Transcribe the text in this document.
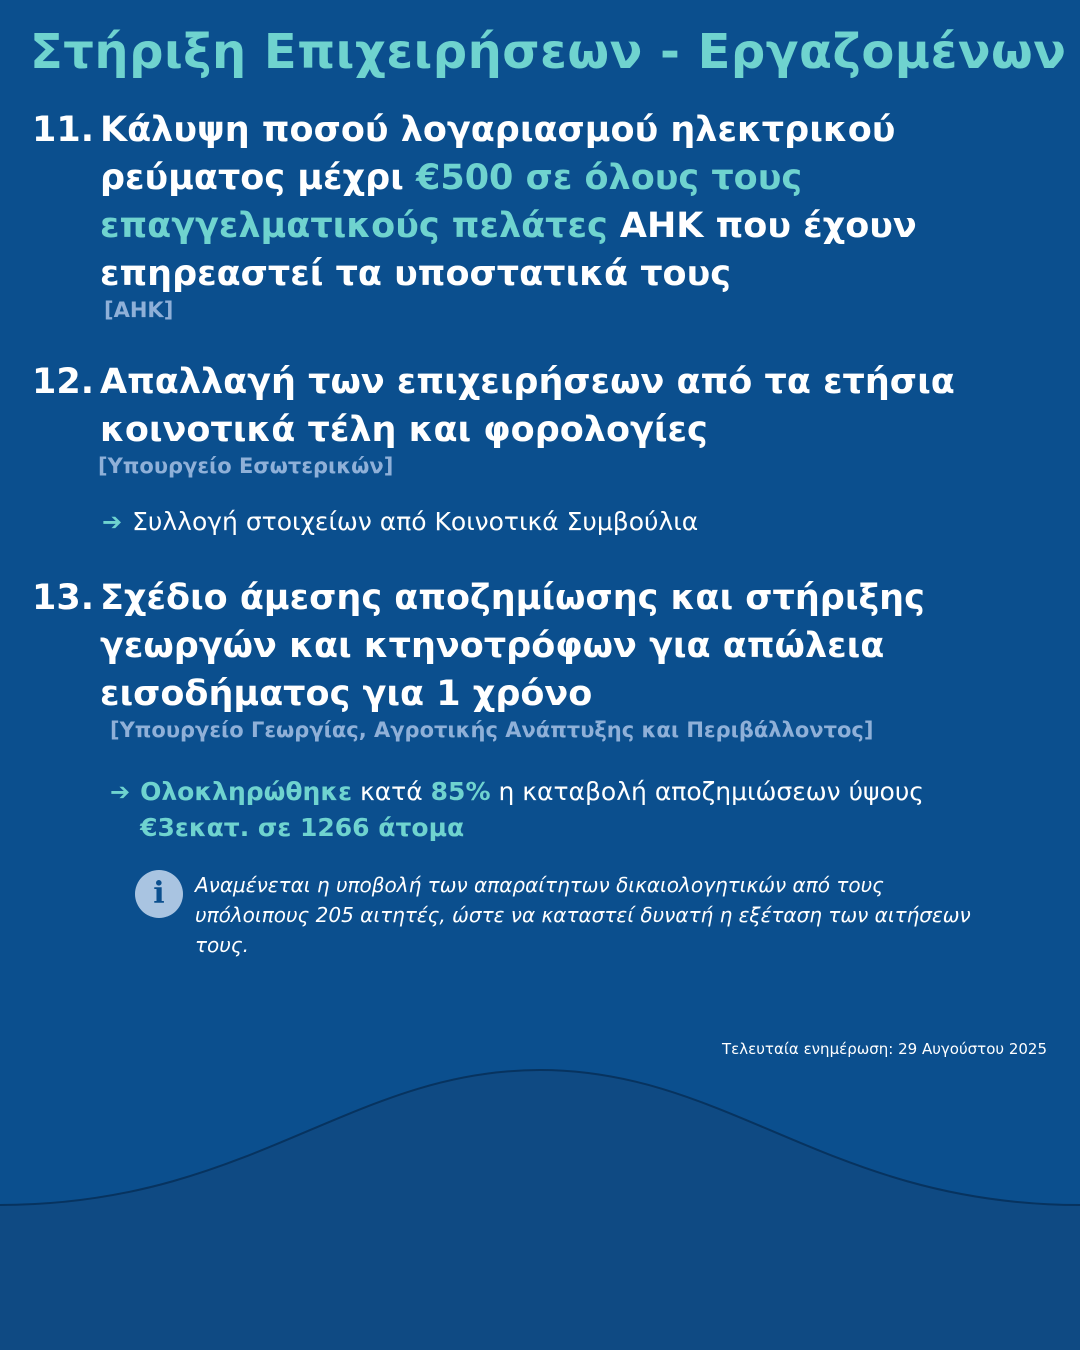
Στήριξη Επιχειρήσεων - Εργαζομένων
11. Κάλυψη ποσού λογαριασμού ηλεκτρικού ρεύματος μέχρι €500 σε όλους τους επαγγελματικούς πελάτες ΑΗΚ που έχουν επηρεαστεί τα υποστατικά τους
[ΑΗΚ]
12. Απαλλαγή των επιχειρήσεων από τα ετήσια κοινοτικά τέλη και φορολογίες
[Υπουργείο Εσωτερικών]
➔ Συλλογή στοιχείων από Κοινοτικά Συμβούλια
13. Σχέδιο άμεσης αποζημίωσης και στήριξης γεωργών και κτηνοτρόφων για απώλεια εισοδήματος για 1 χρόνο
[Υπουργείο Γεωργίας, Αγροτικής Ανάπτυξης και Περιβάλλοντος]
➔ Ολοκληρώθηκε κατά 85% η καταβολή αποζημιώσεων ύψους €3εκατ. σε 1266 άτομα
i	Αναμένεται η υποβολή των απαραίτητων δικαιολογητικών από τους υπόλοιπους 205 αιτητές, ώστε να καταστεί δυνατή η εξέταση των αιτήσεων τους.
Τελευταία ενημέρωση: 29 Αυγούστου 2025
